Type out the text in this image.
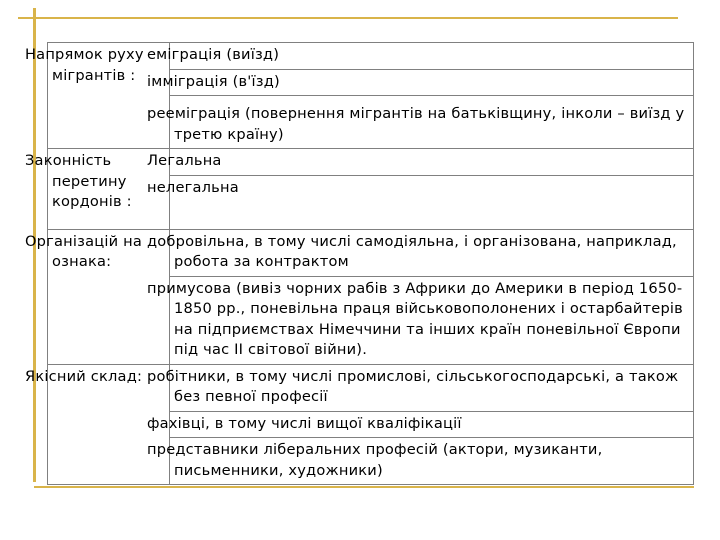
Напрямок руху мігрантів :	еміграція (виїзд)
	імміграція (в'їзд)
	рееміграція (повернення мігрантів на батьківщину, інколи – виїзд у третю країну)
Законність перетину кордонів :	Легальна
	нелегальна
Організацій на ознака:	добровільна, в тому числі самодіяльна, і організована, наприклад, робота за контрактом
	примусова (вивіз чорних рабів з Африки до Америки в період 1650-1850 рр., поневільна праця військовополонених і остарбайтерів на підприємствах Німеччини та інших країн поневільної Європи під час II світової війни).
Якісний склад:	робітники, в тому числі промислові, сільськогосподарські, а також без певної професії
	фахівці, в тому числі вищої кваліфікації
	представники ліберальних професій (актори, музиканти, письменники, художники)
